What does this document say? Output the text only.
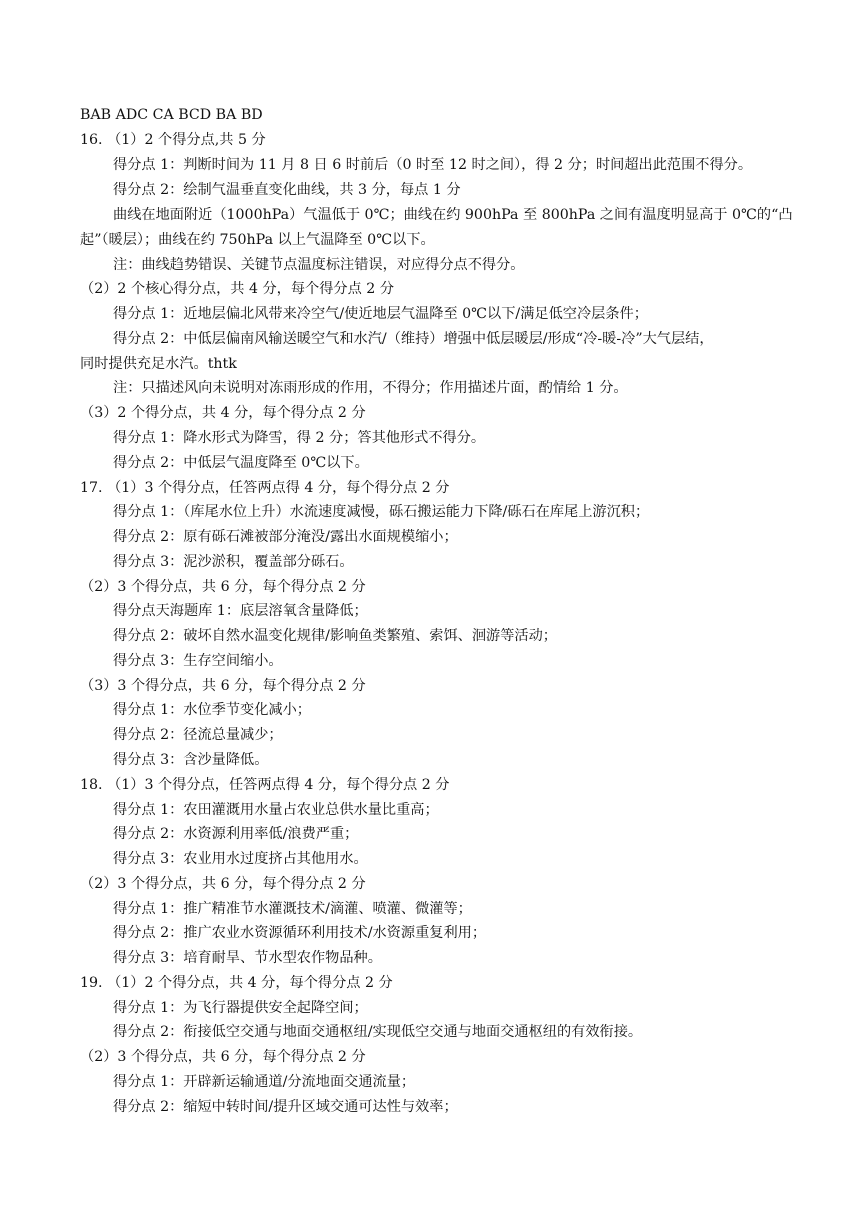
BAB ADC CA BCD BA BD
16. （1）2 个得分点,共 5 分
得分点 1：判断时间为 11 月 8 日 6 时前后（0 时至 12 时之间），得 2 分；时间超出此范围不得分。
得分点 2：绘制气温垂直变化曲线，共 3 分，每点 1 分
曲线在地面附近（1000hPa）气温低于 0℃；曲线在约 900hPa 至 800hPa 之间有温度明显高于 0℃的“凸
起”（暖层）；曲线在约 750hPa 以上气温降至 0℃以下。
注：曲线趋势错误、关键节点温度标注错误，对应得分点不得分。
（2）2 个核心得分点，共 4 分，每个得分点 2 分
得分点 1：近地层偏北风带来冷空气/使近地层气温降至 0℃以下/满足低空冷层条件；
得分点 2：中低层偏南风输送暖空气和水汽/（维持）增强中低层暖层/形成“冷-暖-冷”大气层结，
同时提供充足水汽。thtk
注：只描述风向未说明对冻雨形成的作用，不得分；作用描述片面，酌情给 1 分。
（3）2 个得分点，共 4 分，每个得分点 2 分
得分点 1：降水形式为降雪，得 2 分；答其他形式不得分。
得分点 2：中低层气温度降至 0℃以下。
17. （1）3 个得分点，任答两点得 4 分，每个得分点 2 分
得分点 1：（库尾水位上升）水流速度减慢，砾石搬运能力下降/砾石在库尾上游沉积；
得分点 2：原有砾石滩被部分淹没/露出水面规模缩小；
得分点 3：泥沙淤积，覆盖部分砾石。
（2）3 个得分点，共 6 分，每个得分点 2 分
得分点天海题库 1：底层溶氧含量降低；
得分点 2：破坏自然水温变化规律/影响鱼类繁殖、索饵、洄游等活动；
得分点 3：生存空间缩小。
（3）3 个得分点，共 6 分，每个得分点 2 分
得分点 1：水位季节变化减小；
得分点 2：径流总量减少；
得分点 3：含沙量降低。
18. （1）3 个得分点，任答两点得 4 分，每个得分点 2 分
得分点 1：农田灌溉用水量占农业总供水量比重高；
得分点 2：水资源利用率低/浪费严重；
得分点 3：农业用水过度挤占其他用水。
（2）3 个得分点，共 6 分，每个得分点 2 分
得分点 1：推广精准节水灌溉技术/滴灌、喷灌、微灌等；
得分点 2：推广农业水资源循环利用技术/水资源重复利用；
得分点 3：培育耐旱、节水型农作物品种。
19. （1）2 个得分点，共 4 分，每个得分点 2 分
得分点 1：为飞行器提供安全起降空间；
得分点 2：衔接低空交通与地面交通枢纽/实现低空交通与地面交通枢纽的有效衔接。
（2）3 个得分点，共 6 分，每个得分点 2 分
得分点 1：开辟新运输通道/分流地面交通流量；
得分点 2：缩短中转时间/提升区域交通可达性与效率；
